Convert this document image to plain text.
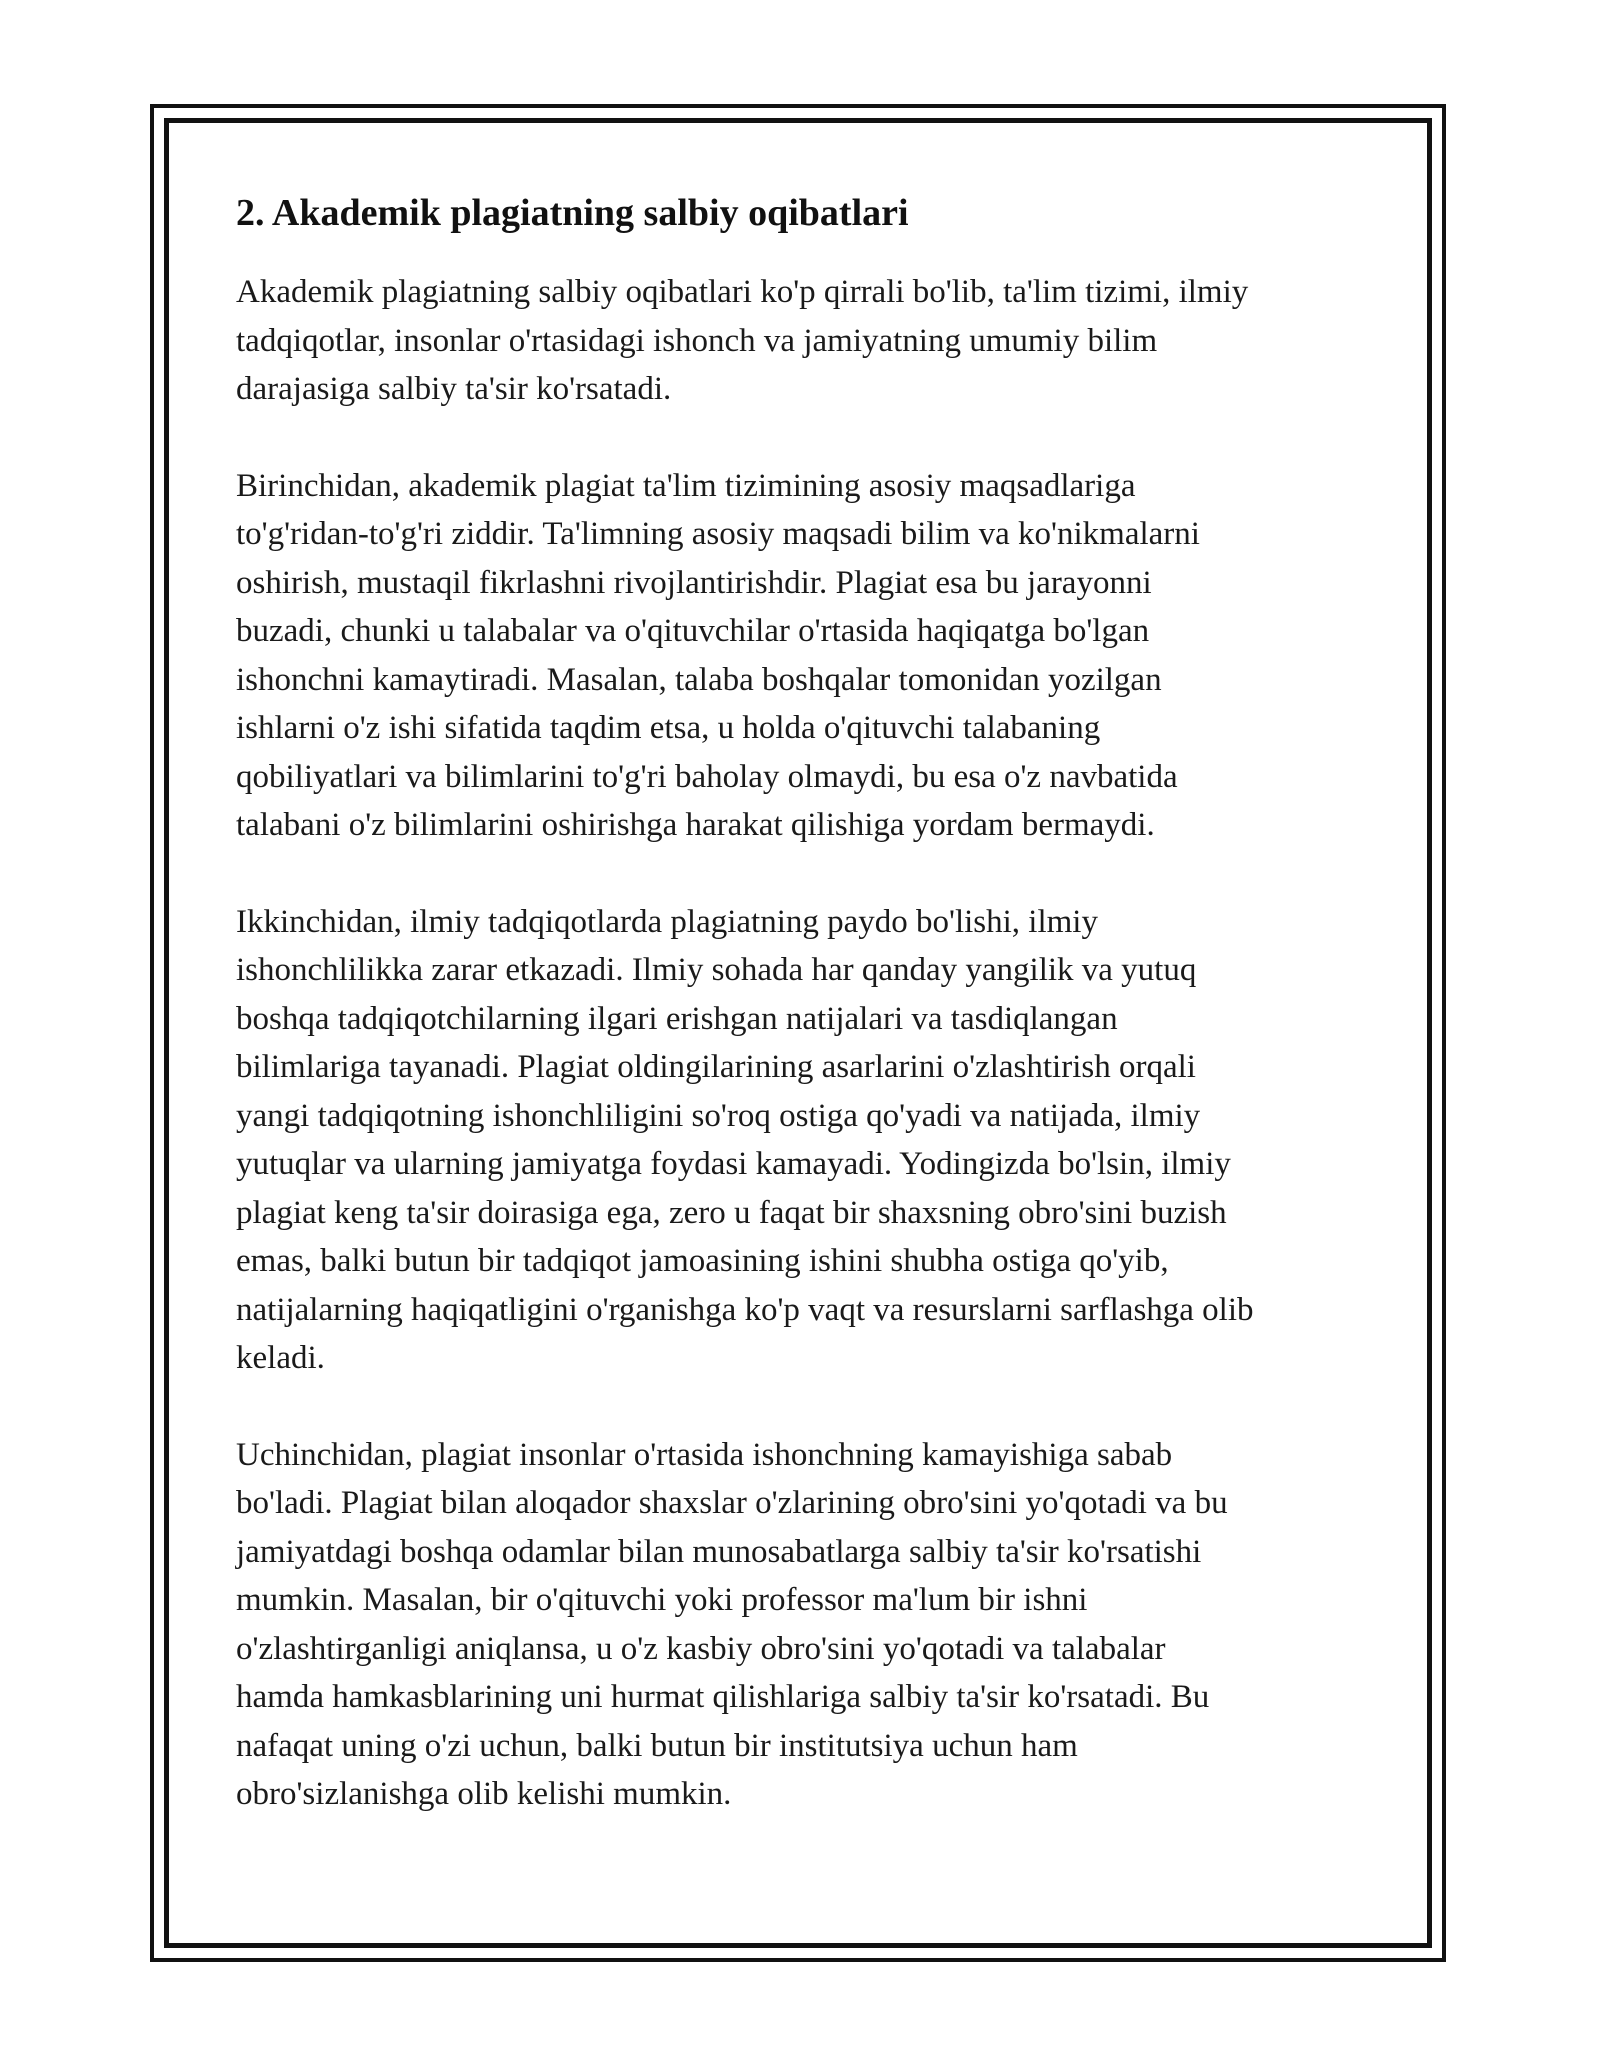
2. Akademik plagiatning salbiy oqibatlari

Akademik plagiatning salbiy oqibatlari ko'p qirrali bo'lib, ta'lim tizimi, ilmiy
tadqiqotlar, insonlar o'rtasidagi ishonch va jamiyatning umumiy bilim
darajasiga salbiy ta'sir ko'rsatadi.

Birinchidan, akademik plagiat ta'lim tizimining asosiy maqsadlariga
to'g'ridan-to'g'ri ziddir. Ta'limning asosiy maqsadi bilim va ko'nikmalarni
oshirish, mustaqil fikrlashni rivojlantirishdir. Plagiat esa bu jarayonni
buzadi, chunki u talabalar va o'qituvchilar o'rtasida haqiqatga bo'lgan
ishonchni kamaytiradi. Masalan, talaba boshqalar tomonidan yozilgan
ishlarni o'z ishi sifatida taqdim etsa, u holda o'qituvchi talabaning
qobiliyatlari va bilimlarini to'g'ri baholay olmaydi, bu esa o'z navbatida
talabani o'z bilimlarini oshirishga harakat qilishiga yordam bermaydi.

Ikkinchidan, ilmiy tadqiqotlarda plagiatning paydo bo'lishi, ilmiy
ishonchlilikka zarar etkazadi. Ilmiy sohada har qanday yangilik va yutuq
boshqa tadqiqotchilarning ilgari erishgan natijalari va tasdiqlangan
bilimlariga tayanadi. Plagiat oldingilarining asarlarini o'zlashtirish orqali
yangi tadqiqotning ishonchliligini so'roq ostiga qo'yadi va natijada, ilmiy
yutuqlar va ularning jamiyatga foydasi kamayadi. Yodingizda bo'lsin, ilmiy
plagiat keng ta'sir doirasiga ega, zero u faqat bir shaxsning obro'sini buzish
emas, balki butun bir tadqiqot jamoasining ishini shubha ostiga qo'yib,
natijalarning haqiqatligini o'rganishga ko'p vaqt va resurslarni sarflashga olib
keladi.

Uchinchidan, plagiat insonlar o'rtasida ishonchning kamayishiga sabab
bo'ladi. Plagiat bilan aloqador shaxslar o'zlarining obro'sini yo'qotadi va bu
jamiyatdagi boshqa odamlar bilan munosabatlarga salbiy ta'sir ko'rsatishi
mumkin. Masalan, bir o'qituvchi yoki professor ma'lum bir ishni
o'zlashtirganligi aniqlansa, u o'z kasbiy obro'sini yo'qotadi va talabalar
hamda hamkasblarining uni hurmat qilishlariga salbiy ta'sir ko'rsatadi. Bu
nafaqat uning o'zi uchun, balki butun bir institutsiya uchun ham
obro'sizlanishga olib kelishi mumkin.
